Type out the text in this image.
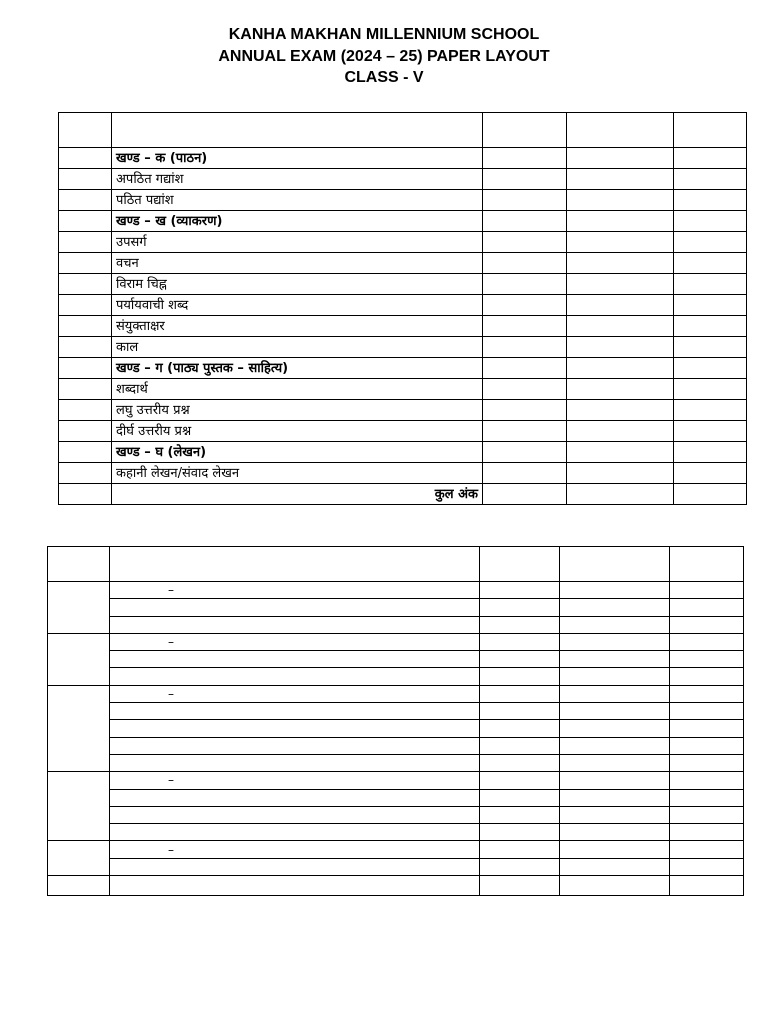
KANHA MAKHAN MILLENNIUM SCHOOL
ANNUAL EXAM (2024 – 25) PAPER LAYOUT
CLASS - V

	खण्ड – क (पाठन)			
	अपठित गद्यांश			
	पठित पद्यांश			
	खण्ड – ख (व्याकरण)			
	उपसर्ग			
	वचन			
	विराम चिह्न			
	पर्यायवाची शब्द			
	संयुक्ताक्षर			
	काल			
	खण्ड – ग (पाठ्य पुस्तक – साहित्य)			
	शब्दार्थ			
	लघु उत्तरीय प्रश्न			
	दीर्घ उत्तरीय प्रश्न			
	खण्ड – घ (लेखन)			
	कहानी लेखन/संवाद लेखन			
	कुल अंक			

	–			

	–			

	–			

	–			

	–			
